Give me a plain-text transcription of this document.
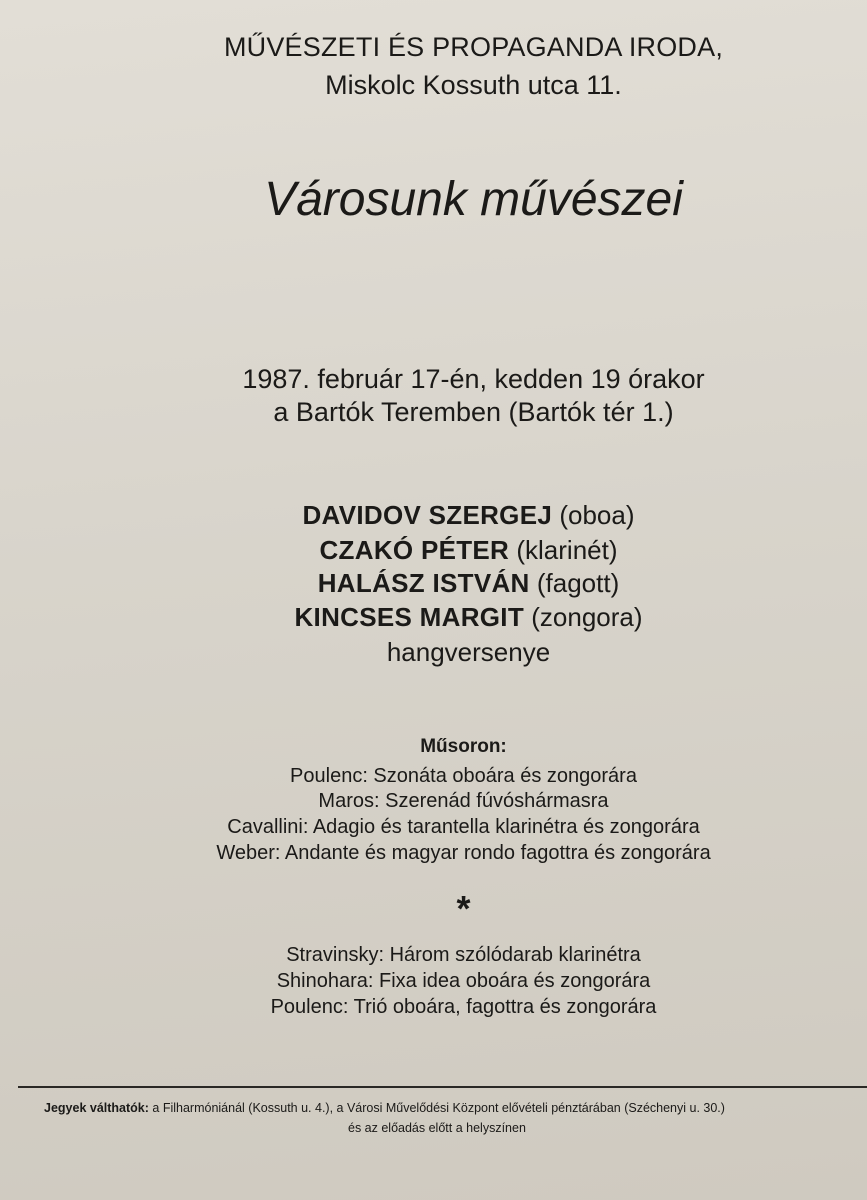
MŰVÉSZETI ÉS PROPAGANDA IRODA,
Miskolc Kossuth utca 11.
Városunk művészei
1987. február 17-én, kedden 19 órakor
a Bartók Teremben (Bartók tér 1.)
DAVIDOV SZERGEJ (oboa)
CZAKÓ PÉTER (klarinét)
HALÁSZ ISTVÁN (fagott)
KINCSES MARGIT (zongora)
hangversenye
Műsoron:
Poulenc: Szonáta oboára és zongorára
Maros: Szerenád fúvóshármasra
Cavallini: Adagio és tarantella klarinétra és zongorára
Weber: Andante és magyar rondo fagottra és zongorára
*
Stravinsky: Három szólódarab klarinétra
Shinohara: Fixa idea oboára és zongorára
Poulenc: Trió oboára, fagottra és zongorára
Jegyek válthatók: a Filharmóniánál (Kossuth u. 4.), a Városi Művelődési Központ elővételi pénztárában (Széchenyi u. 30.)
és az előadás előtt a helyszínen
